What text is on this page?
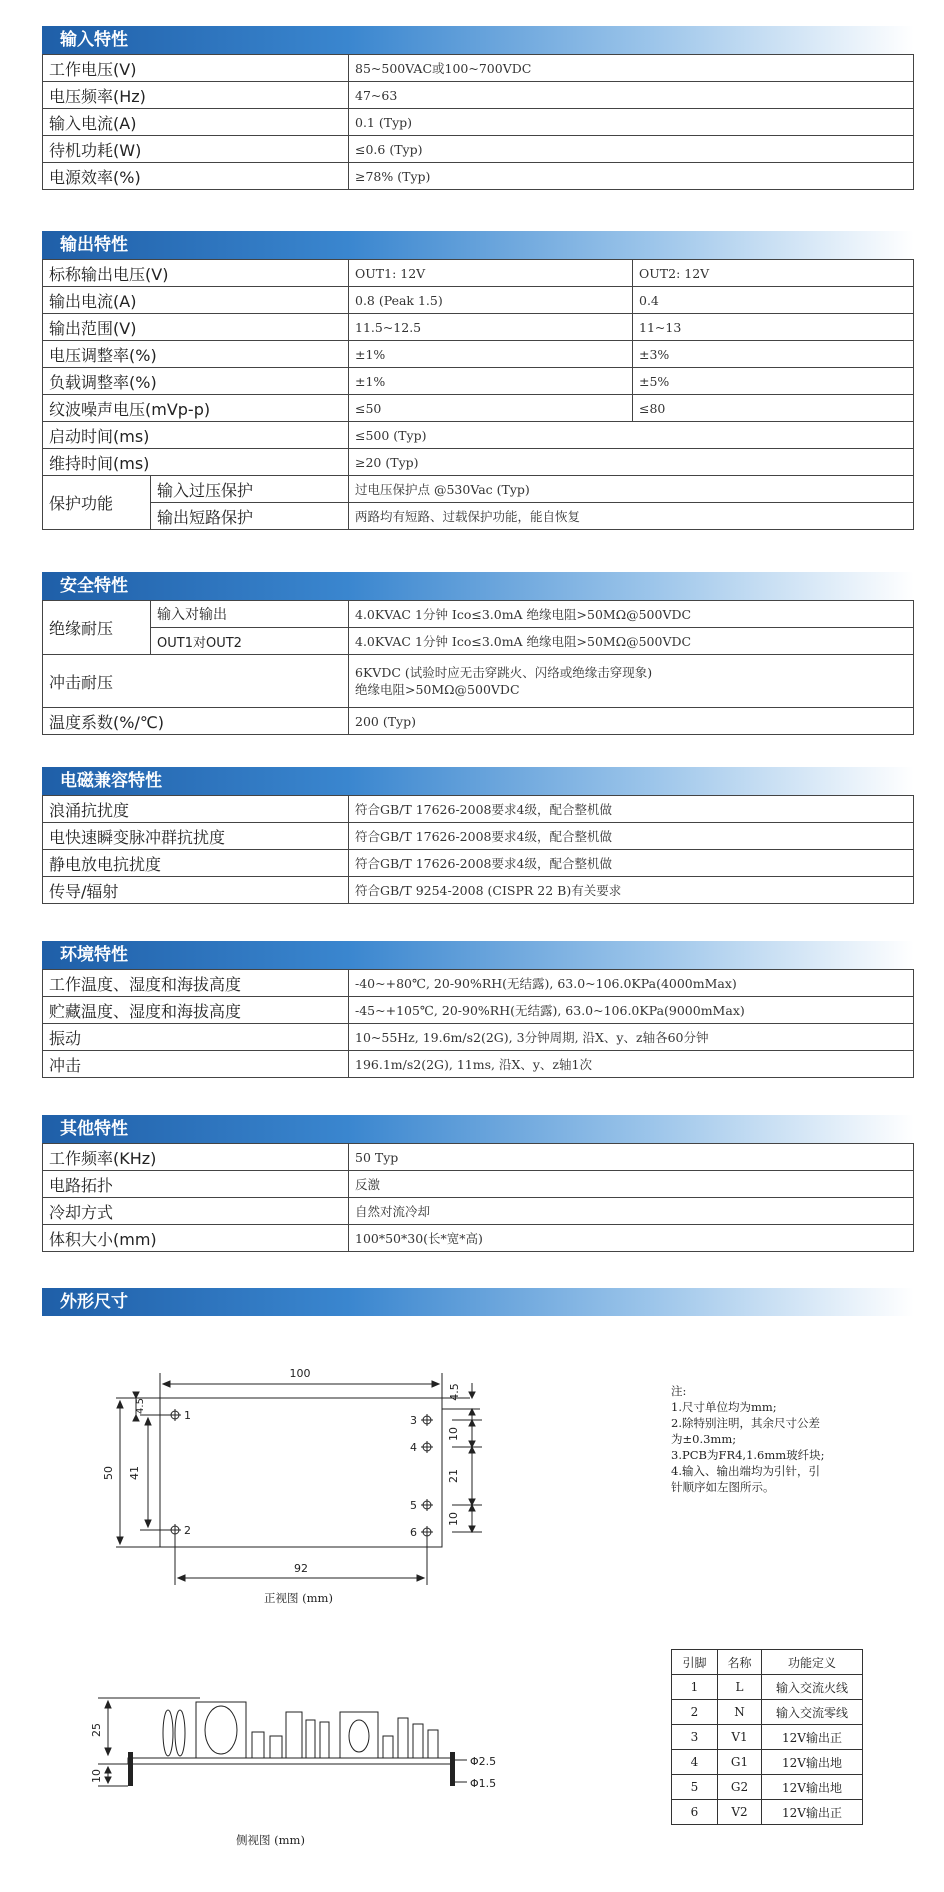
输入特性
工作电压(V)	85~500VAC或100~700VDC
电压频率(Hz)	47~63
输入电流(A)	0.1 (Typ)
待机功耗(W)	≤0.6 (Typ)
电源效率(%)	≥78% (Typ)
输出特性
标称输出电压(V)		OUT1: 12V	OUT2: 12V
输出电流(A)		0.8 (Peak 1.5)	0.4
输出范围(V)		11.5~12.5	11~13
电压调整率(%)		±1%	±3%
负载调整率(%)		±1%	±5%
纹波噪声电压(mVp-p)		≤50	≤80
启动时间(ms)		≤500 (Typ)	
维持时间(ms)		≥20 (Typ)	
保护功能	输入过压保护	过电压保护点 @530Vac (Typ)	
	输出短路保护	两路均有短路、过载保护功能，能自恢复	
安全特性
绝缘耐压	输入对输出	4.0KVAC 1分钟 Ico≤3.0mA 绝缘电阻>50MΩ@500VDC
	OUT1对OUT2	4.0KVAC 1分钟 Ico≤3.0mA 绝缘电阻>50MΩ@500VDC
冲击耐压		6KVDC (试验时应无击穿跳火、闪络或绝缘击穿现象)
绝缘电阻>50MΩ@500VDC

温度系数(%/℃)		200 (Typ)
电磁兼容特性
浪涌抗扰度	符合GB/T 17626-2008要求4级，配合整机做
电快速瞬变脉冲群抗扰度	符合GB/T 17626-2008要求4级，配合整机做
静电放电抗扰度	符合GB/T 17626-2008要求4级，配合整机做
传导/辐射	符合GB/T 9254-2008 (CISPR 22 B)有关要求
环境特性
工作温度、湿度和海拔高度	-40~+80℃, 20-90%RH(无结露), 63.0~106.0KPa(4000mMax)
贮藏温度、湿度和海拔高度	-45~+105℃, 20-90%RH(无结露), 63.0~106.0KPa(9000mMax)
振动	10~55Hz, 19.6m/s2(2G), 3分钟周期, 沿X、y、z轴各60分钟
冲击	196.1m/s2(2G), 11ms, 沿X、y、z轴1次
其他特性
工作频率(KHz)	50 Typ
电路拓扑	反激
冷却方式	自然对流冷却
体积大小(mm)	100*50*30(长*宽*高)
外形尺寸
100
4.5
4.5
50 41
92
10
21
10
1
2
3
4
5
6
25
10
Φ2.5
Φ1.5
正视图 (mm)
侧视图 (mm)
注:
1.尺寸单位均为mm;
2.除特别注明，其余尺寸公差
为±0.3mm;
3.PCB为FR4,1.6mm玻纤块;
4.输入、输出端均为引针，引
针顺序如左图所示。
引脚	名称	功能定义
1	L	输入交流火线
2	N	输入交流零线
3	V1	12V输出正
4	G1	12V输出地
5	G2	12V输出地
6	V2	12V输出正
